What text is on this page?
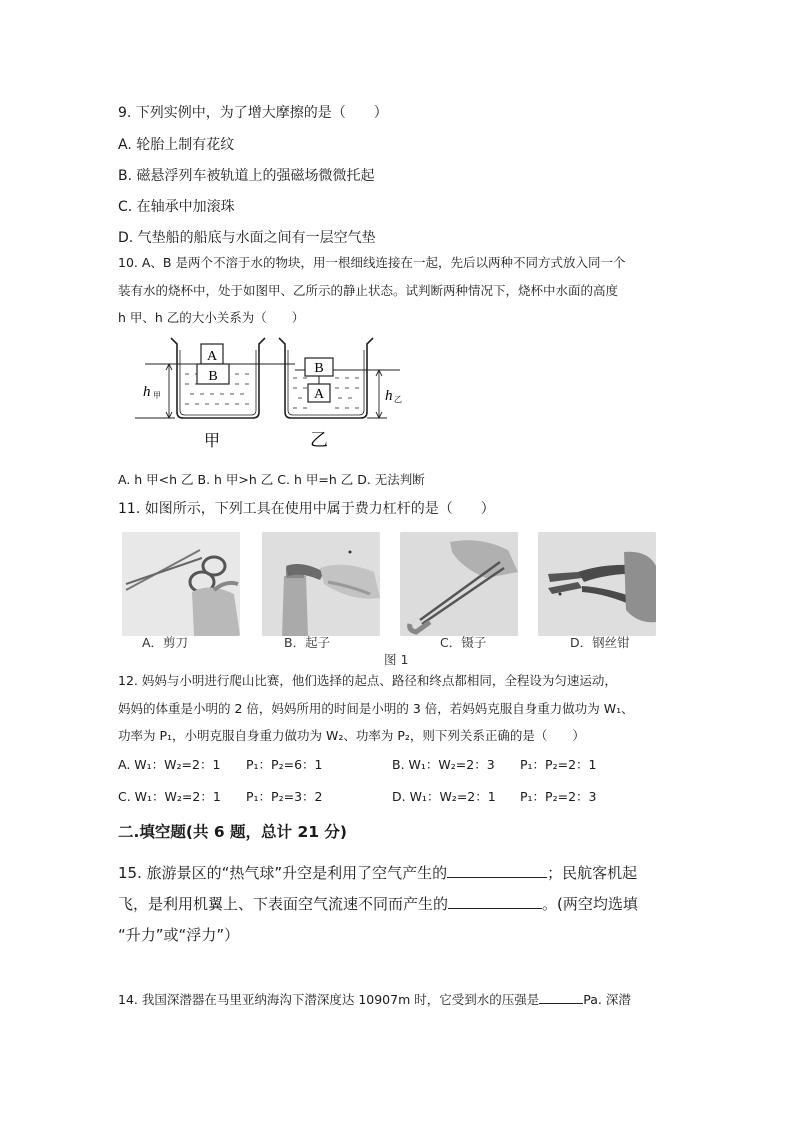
9. 下列实例中，为了增大摩擦的是（　　）
A. 轮胎上制有花纹
B. 磁悬浮列车被轨道上的强磁场微微托起
C. 在轴承中加滚珠
D. 气垫船的船底与水面之间有一层空气垫
10. A、B 是两个不溶于水的物块，用一根细线连接在一起，先后以两种不同方式放入同一个
装有水的烧杯中，处于如图甲、乙所示的静止状态。试判断两种情况下，烧杯中水面的高度
h 甲、h 乙的大小关系为（　　）
A
B
h 甲
甲
B
A	h 乙
乙
A. h 甲<h 乙 B. h 甲>h 乙 C. h 甲=h 乙 D. 无法判断
11. 如图所示，下列工具在使用中属于费力杠杆的是（　　）
A．剪刀	B．起子	C．镊子	D．钢丝钳
图 1
12. 妈妈与小明进行爬山比赛，他们选择的起点、路径和终点都相同，全程设为匀速运动，
妈妈的体重是小明的 2 倍，妈妈所用的时间是小明的 3 倍，若妈妈克服自身重力做功为 W₁、
功率为 P₁，小明克服自身重力做功为 W₂、功率为 P₂，则下列关系正确的是（　　）
A. W₁：W₂=2：1 P₁：P₂=6：1	B. W₁：W₂=2：3 P₁：P₂=2：1
C. W₁：W₂=2：1 P₁：P₂=3：2	D. W₁：W₂=2：1 P₁：P₂=2：3
二.填空题(共 6 题，总计 21 分)
15. 旅游景区的“热气球”升空是利用了空气产生的	；民航客机起
飞，是利用机翼上、下表面空气流速不同而产生的	。(两空均选填
“升力”或“浮力”）
14. 我国深潜器在马里亚纳海沟下潜深度达 10907m 时，它受到水的压强是	Pa. 深潜
